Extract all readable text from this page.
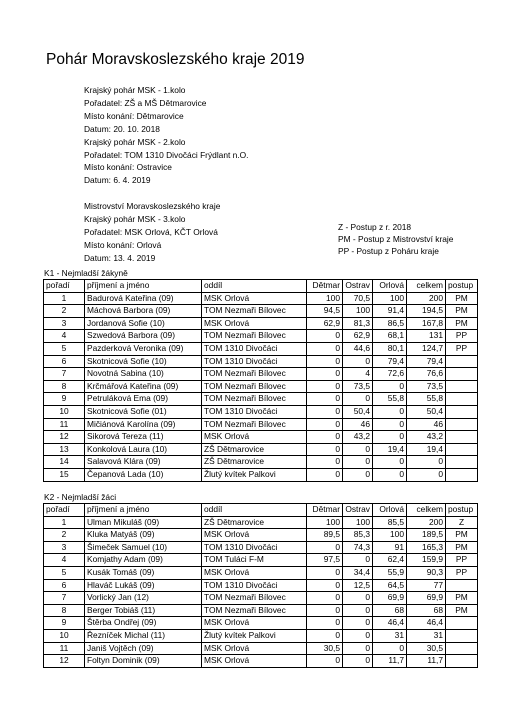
Pohár Moravskoslezského kraje 2019
Krajský pohár MSK - 1.kolo
Pořadatel: ZŠ a MŠ Dětmarovice
Místo konání: Dětmarovice
Datum: 20. 10. 2018
Krajský pohár MSK - 2.kolo
Pořadatel: TOM 1310 Divočáci Frýdlant n.O.
Místo konání: Ostravice
Datum: 6. 4. 2019
Mistrovství Moravskoslezského kraje
Krajský pohár MSK - 3.kolo
Pořadatel: MSK Orlová, KČT Orlová
Místo konání: Orlová
Datum: 13. 4. 2019
Z - Postup z r. 2018
PM - Postup z Mistrovství kraje
PP - Postup z Poháru kraje
K1 - Nejmladší žákyně
pořadí	příjmení a jméno	oddíl	Dětmar	Ostrav	Orlová	celkem	postup
1	Badurová Kateřina (09)	MSK Orlová	100	70,5	100	200	PM
2	Máchová Barbora (09)	TOM Nezmaři Bílovec	94,5	100	91,4	194,5	PM
3	Jordanová Sofie (10)	MSK Orlová	62,9	81,3	86,5	167,8	PM
4	Szwedová Barbora (09)	TOM Nezmaři Bílovec	0	62,9	68,1	131	PP
5	Pazderková Veronika (09)	TOM 1310 Divočáci	0	44,6	80,1	124,7	PP
6	Skotnicová Sofie (10)	TOM 1310 Divočáci	0	0	79,4	79,4	
7	Novotná Sabina (10)	TOM Nezmaři Bílovec	0	4	72,6	76,6	
8	Krčmářová Kateřina (09)	TOM Nezmaři Bílovec	0	73,5	0	73,5	
9	Petruláková Ema (09)	TOM Nezmaři Bílovec	0	0	55,8	55,8	
10	Skotnicová Sofie (01)	TOM 1310 Divočáci	0	50,4	0	50,4	
11	Mičiánová Karolína (09)	TOM Nezmaři Bílovec	0	46	0	46	
12	Sikorová Tereza (11)	MSK Orlová	0	43,2	0	43,2	
13	Konkolová Laura (10)	ZŠ Dětmarovice	0	0	19,4	19,4	
14	Salavová Klára (09)	ZŠ Dětmarovice	0	0	0	0	
15	Čepanová Lada (10)	Žlutý kvítek Palkovi	0	0	0	0	
K2 - Nejmladší žáci
pořadí	příjmení a jméno	oddíl	Dětmar	Ostrav	Orlová	celkem	postup
1	Ulman Mikuláš (09)	ZŠ Dětmarovice	100	100	85,5	200	Z
2	Kluka Matyáš (09)	MSK Orlová	89,5	85,3	100	189,5	PM
3	Šimeček Samuel (10)	TOM 1310 Divočáci	0	74,3	91	165,3	PM
4	Komjathy Adam (09)	TOM Tuláci F-M	97,5	0	62,4	159,9	PP
5	Kusák Tomáš (09)	MSK Orlová	0	34,4	55,9	90,3	PP
6	Hlaváč Lukáš (09)	TOM 1310 Divočáci	0	12,5	64,5	77	
7	Vorlický Jan (12)	TOM Nezmaři Bílovec	0	0	69,9	69,9	PM
8	Berger Tobiáš (11)	TOM Nezmaři Bílovec	0	0	68	68	PM
9	Štěrba Ondřej (09)	MSK Orlová	0	0	46,4	46,4	
10	Řezníček Michal (11)	Žlutý kvítek Palkovi	0	0	31	31	
11	Janiš Vojtěch (09)	MSK Orlová	30,5	0	0	30,5	
12	Foltyn Dominik (09)	MSK Orlová	0	0	11,7	11,7	
